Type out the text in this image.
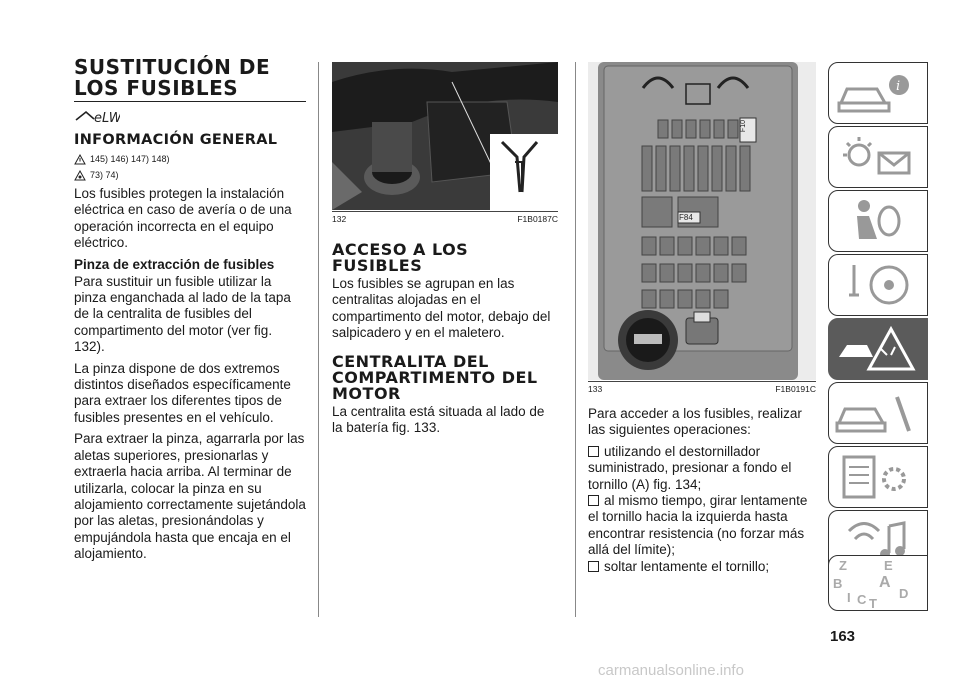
SUSTITUCIÓN DE
LOS FUSIBLES
eLW
INFORMACIÓN GENERAL
145) 146) 147) 148)
73) 74)

Los fusibles protegen la instalación eléctrica en caso de avería o de una operación incorrecta en el equipo eléctrico.

Pinza de extracción de fusibles

Para sustituir un fusible utilizar la pinza enganchada al lado de la tapa de la centralita de fusibles del compartimento del motor (ver fig. 132).

La pinza dispone de dos extremos distintos diseñados específicamente para extraer los diferentes tipos de fusibles presentes en el vehículo.

Para extraer la pinza, agarrarla por las aletas superiores, presionarlas y extraerla hacia arriba. Al terminar de utilizarla, colocar la pinza en su alojamiento correctamente sujetándola por las aletas, presionándolas y empujándola hasta que encaja en el alojamiento.

132	F1B0187C
ACCESO A LOS
FUSIBLES

Los fusibles se agrupan en las centralitas alojadas en el compartimento del motor, debajo del salpicadero y en el maletero.

CENTRALITA DEL
COMPARTIMENTO DEL
MOTOR

La centralita está situada al lado de la batería fig. 133.

F10
F84
133	F1B0191C

Para acceder a los fusibles, realizar las siguientes operaciones:

utilizando el destornillador suministrado, presionar a fondo el tornillo (A) fig. 134;

al mismo tiempo, girar lentamente el tornillo hacia la izquierda hasta encontrar resistencia (no forzar más allá del límite);

soltar lentamente el tornillo;

i
Z	E
B A
I C	D
T
163
carmanualsonline.info
